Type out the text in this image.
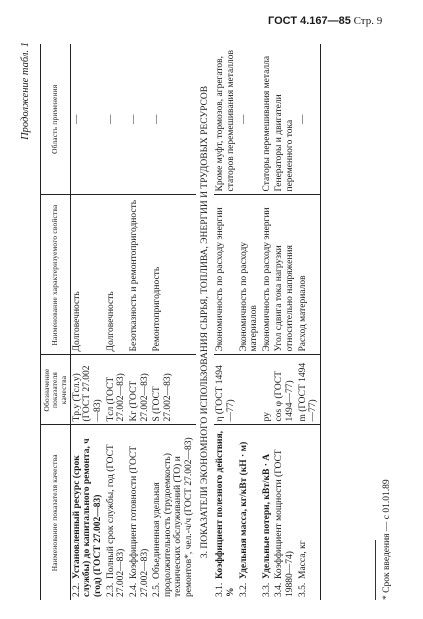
ГОСТ 4.167—85 Стр. 9
Продолжение табл. 1
Наименование показателя качества	Обозначение показателя качества	Наименование характеризуемого свойства	Область применения
2.2.Установленный ресурс (срок службы) до капитального ремонта, ч (год) (ГОСТ 27.002—83)	Tр.у (Tсл.у) (ГОСТ 27.002—83)	Долговечность	—
2.3.Полный срок службы, год (ГОСТ 27.002—83)	Tсл (ГОСТ 27.002—83)	Долговечность	—
2.4.Коэффициент готовности (ГОСТ 27.002—83)	Kг (ГОСТ 27.002—83)	Безотказность и ремонтопригодность	—
2.5.Объединенная удельная продолжительность (трудоемкость) технических обслуживаний (ТО) и ремонтов*, чел.-ч/ч (ГОСТ 27.002—83)	S (ГОСТ 27.002—83)	Ремонтопригодность	—
3. ПОКАЗАТЕЛИ ЭКОНОМНОГО ИСПОЛЬЗОВАНИЯ СЫРЬЯ, ТОПЛИВА, ЭНЕРГИИ И ТРУДОВЫХ РЕСУРСОВ			
3.1.Коэффициент полезного действия, %	η (ГОСТ 1494—77)	Экономичность по расходу энергии	Кроме муфт, тормозов, агрегатов, статоров перемешивания металлов
3.2.Удельная масса, кг/кВт (кН · м)		Экономичность по расходу материалов	—
3.3.Удельные потери, кВт/кВ · А	pу	Экономичность по расходу энергии	Статоры перемешивания металла
3.4.Коэффициент мощности (ГОСТ 19880—74)	cos φ (ГОСТ 1494—77)	Угол сдвига тока нагрузки относительно напряжения	Генераторы и двигатели переменного тока
3.5.Масса, кг	m (ГОСТ 1494—77)	Расход материалов	—
* Срок введения — с 01.01.89
